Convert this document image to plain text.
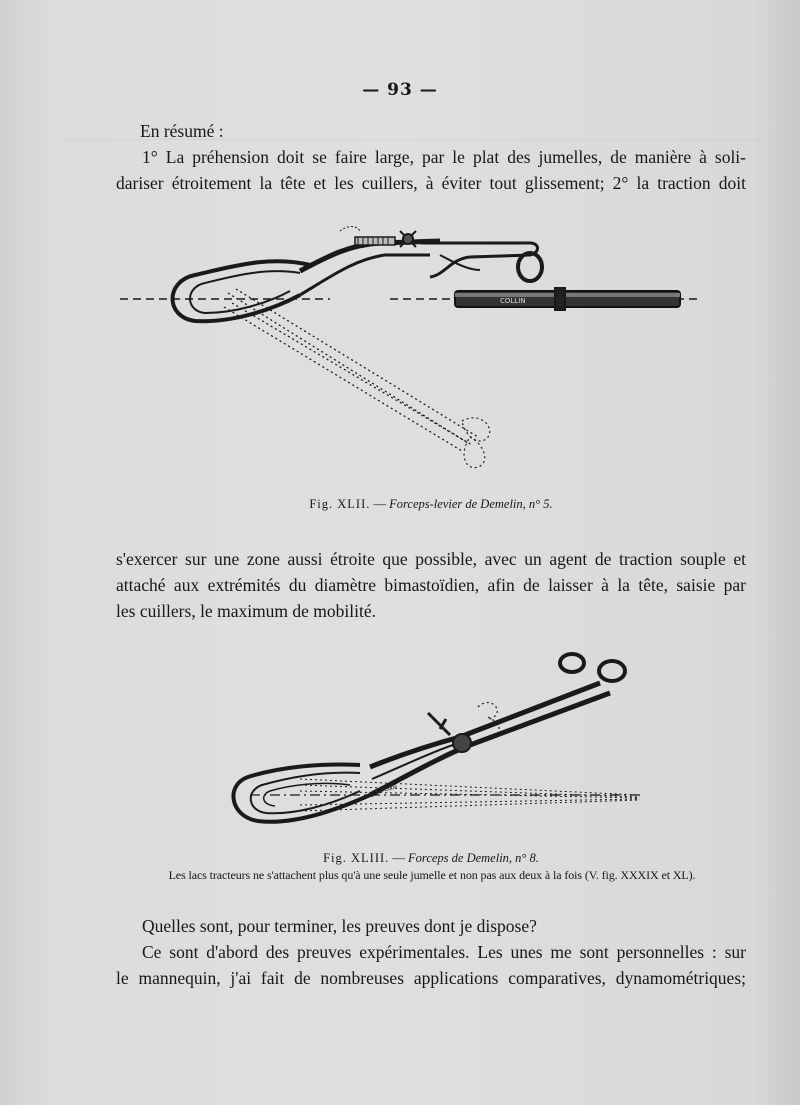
— 93 —

En résumé :

1° La préhension doit se faire large, par le plat des jumelles, de manière à soli-

dariser étroitement la tête et les cuillers, à éviter tout glissement; 2° la traction doit

COLLIN
Fig. XLII. — Forceps-levier de Demelin, n° 5.

s'exercer sur une zone aussi étroite que possible, avec un agent de traction souple et

attaché aux extrémités du diamètre bimastoïdien, afin de laisser à la tête, saisie par

les cuillers, le maximum de mobilité.

COLLIN
Fig. XLIII. — Forceps de Demelin, n° 8.
Les lacs tracteurs ne s'attachent plus qu'à une seule jumelle et non pas aux deux à la fois (V. fig. XXXIX et XL).

Quelles sont, pour terminer, les preuves dont je dispose?

Ce sont d'abord des preuves expérimentales. Les unes me sont personnelles : sur

le mannequin, j'ai fait de nombreuses applications comparatives, dynamométriques;
